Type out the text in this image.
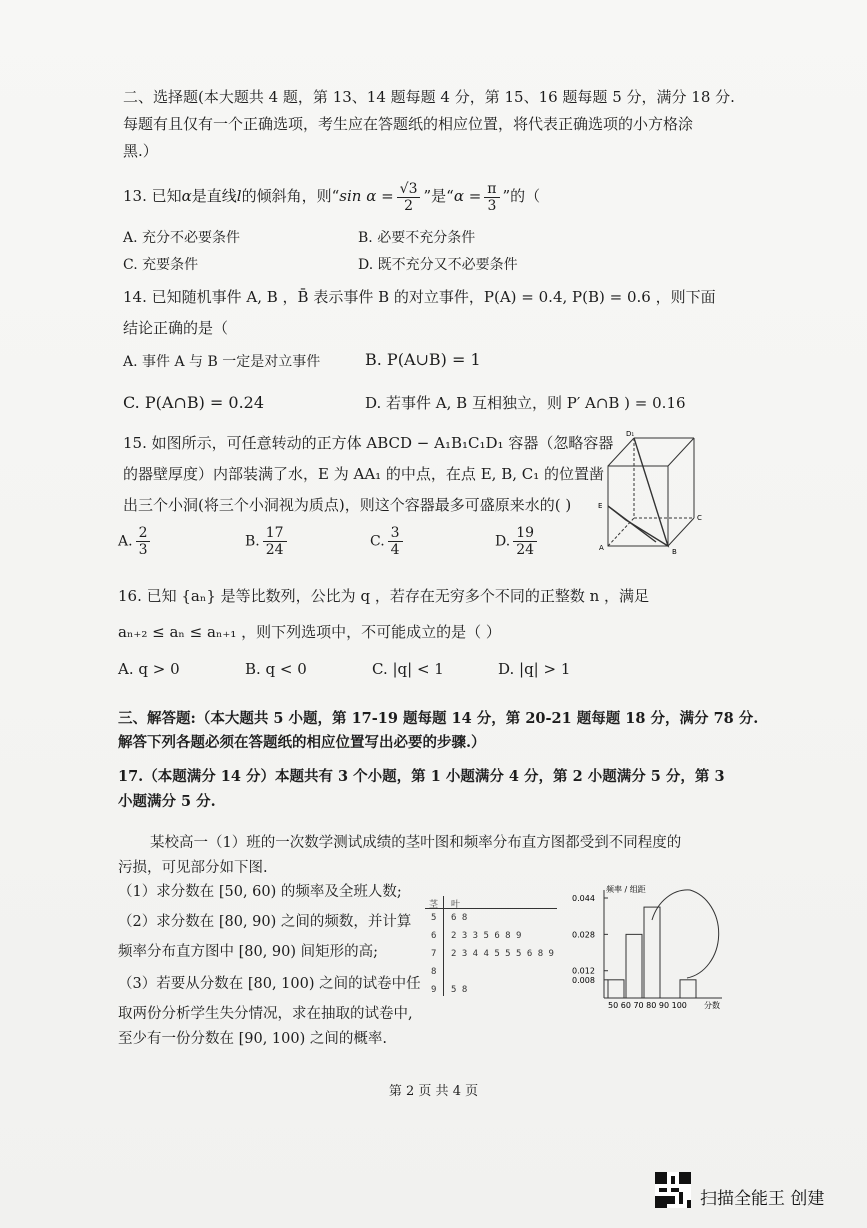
二、选择题(本大题共 4 题，第 13、14 题每题 4 分，第 15、16 题每题 5 分，满分 18 分.
每题有且仅有一个正确选项，考生应在答题纸的相应位置，将代表正确选项的小方格涂
黑.）
13. 已知α是直线l的倾斜角，则“sin $\alpha = \frac{√3}{2}$ ”是“$\alpha = \frac{\pi}{3}$ ”的（
A. 充分不必要条件	B. 必要不充分条件
C. 充要条件	D. 既不充分又不必要条件
14. 已知随机事件 A, B ，B̄ 表示事件 B 的对立事件，P(A) = 0.4, P(B) = 0.6 ，则下面
结论正确的是（
A. 事件 A 与 B 一定是对立事件	B. P(A∪B) = 1
C. P(A∩B) = 0.24	D. 若事件 A, B 互相独立，则 P′ A∩B ) = 0.16
15. 如图所示，可任意转动的正方体 ABCD − A₁B₁C₁D₁ 容器（忽略容器
的器壁厚度）内部装满了水，E 为 AA₁ 的中点，在点 E, B, C₁ 的位置凿
出三个小洞(将三个小洞视为质点)，则这个容器最多可盛原来水的( )
A. $\frac{2}{3}$	B. $\frac{17}{24}$	C. $\frac{3}{4}$	D. $\frac{19}{24}$
D₁
A	B
C
E
16. 已知 {aₙ} 是等比数列，公比为 q ，若存在无穷多个不同的正整数 n ，满足
aₙ₊₂ ≤ aₙ ≤ aₙ₊₁ ，则下列选项中，不可能成立的是（ ）
A. q > 0	B. q < 0	C. |q| < 1	D. |q| > 1
三、解答题:（本大题共 5 小题，第 17-19 题每题 14 分，第 20-21 题每题 18 分，满分 78 分.
解答下列各题必须在答题纸的相应位置写出必要的步骤.）
17.（本题满分 14 分）本题共有 3 个小题，第 1 小题满分 4 分，第 2 小题满分 5 分，第 3
小题满分 5 分.
某校高一（1）班的一次数学测试成绩的茎叶图和频率分布直方图都受到不同程度的
污损，可见部分如下图.
（1）求分数在 [50, 60) 的频率及全班人数;
（2）求分数在 [80, 90) 之间的频数，并计算
频率分布直方图中 [80, 90) 间矩形的高;
（3）若要从分数在 [80, 100) 之间的试卷中任
取两份分析学生失分情况，求在抽取的试卷中,
至少有一份分数在 [90, 100) 之间的概率.
茎 叶
5 6 8
6 2 3 3 5 6 8 9
7 2 3 4 4 5 5 5 6 8 9
8
9 5 8
0.044
0.028
0.012
0.008
频率 / 组距
50 60 70 80 90 100 分数
第 2 页 共 4 页
扫描全能王 创建
